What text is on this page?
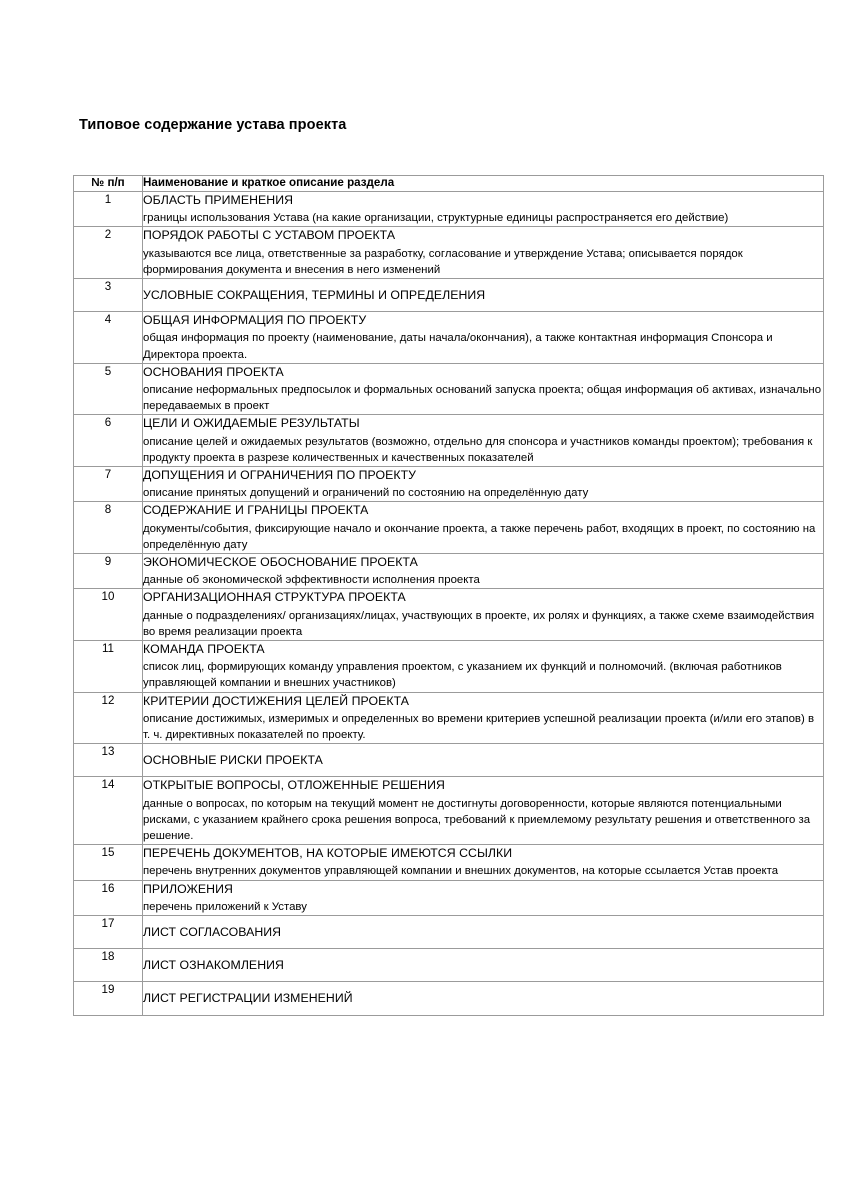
Типовое содержание устава проекта
№ п/п	Наименование и краткое описание раздела
1	ОБЛАСТЬ ПРИМЕНЕНИЯ

границы использования Устава (на какие организации, структурные единицы распространяется его действие)

2	ПОРЯДОК РАБОТЫ С УСТАВОМ ПРОЕКТА

указываются все лица, ответственные за разработку, согласование и утверждение Устава; описывается порядок формирования документа и внесения в него изменений

3	УСЛОВНЫЕ СОКРАЩЕНИЯ, ТЕРМИНЫ И ОПРЕДЕЛЕНИЯ

4	ОБЩАЯ ИНФОРМАЦИЯ ПО ПРОЕКТУ

общая информация по проекту (наименование, даты начала/окончания), а также контактная информация Спонсора и Директора проекта.

5	ОСНОВАНИЯ ПРОЕКТА

описание неформальных предпосылок и формальных оснований запуска проекта; общая информация об активах, изначально передаваемых в проект

6	ЦЕЛИ И ОЖИДАЕМЫЕ РЕЗУЛЬТАТЫ

описание целей и ожидаемых результатов (возможно, отдельно для спонсора и участников команды проектом); требования к продукту проекта в разрезе количественных и качественных показателей

7	ДОПУЩЕНИЯ И ОГРАНИЧЕНИЯ ПО ПРОЕКТУ

описание принятых допущений и ограничений по состоянию на определённую дату

8	СОДЕРЖАНИЕ И ГРАНИЦЫ ПРОЕКТА

документы/события, фиксирующие начало и окончание проекта, а также перечень работ, входящих в проект, по состоянию на определённую дату

9	ЭКОНОМИЧЕСКОЕ ОБОСНОВАНИЕ ПРОЕКТА

данные об экономической эффективности исполнения проекта

10	ОРГАНИЗАЦИОННАЯ СТРУКТУРА ПРОЕКТА

данные о подразделениях/ организациях/лицах, участвующих в проекте, их ролях и функциях, а также схеме взаимодействия во время реализации проекта

11	КОМАНДА ПРОЕКТА

список лиц, формирующих команду управления проектом, с указанием их функций и полномочий. (включая работников управляющей компании и внешних участников)

12	КРИТЕРИИ ДОСТИЖЕНИЯ ЦЕЛЕЙ ПРОЕКТА

описание достижимых, измеримых и определенных во времени критериев успешной реализации проекта (и/или его этапов) в т. ч. директивных показателей по проекту.

13	ОСНОВНЫЕ РИСКИ ПРОЕКТА

14	ОТКРЫТЫЕ ВОПРОСЫ, ОТЛОЖЕННЫЕ РЕШЕНИЯ

данные о вопросах, по которым на текущий момент не достигнуты договоренности, которые являются потенциальными рисками, с указанием крайнего срока решения вопроса, требований к приемлемому результату решения и ответственного за решение.

15	ПЕРЕЧЕНЬ ДОКУМЕНТОВ, НА КОТОРЫЕ ИМЕЮТСЯ ССЫЛКИ

перечень внутренних документов управляющей компании и внешних документов, на которые ссылается Устав проекта

16	ПРИЛОЖЕНИЯ

перечень приложений к Уставу

17	ЛИСТ СОГЛАСОВАНИЯ

18	ЛИСТ ОЗНАКОМЛЕНИЯ

19	ЛИСТ РЕГИСТРАЦИИ ИЗМЕНЕНИЙ
